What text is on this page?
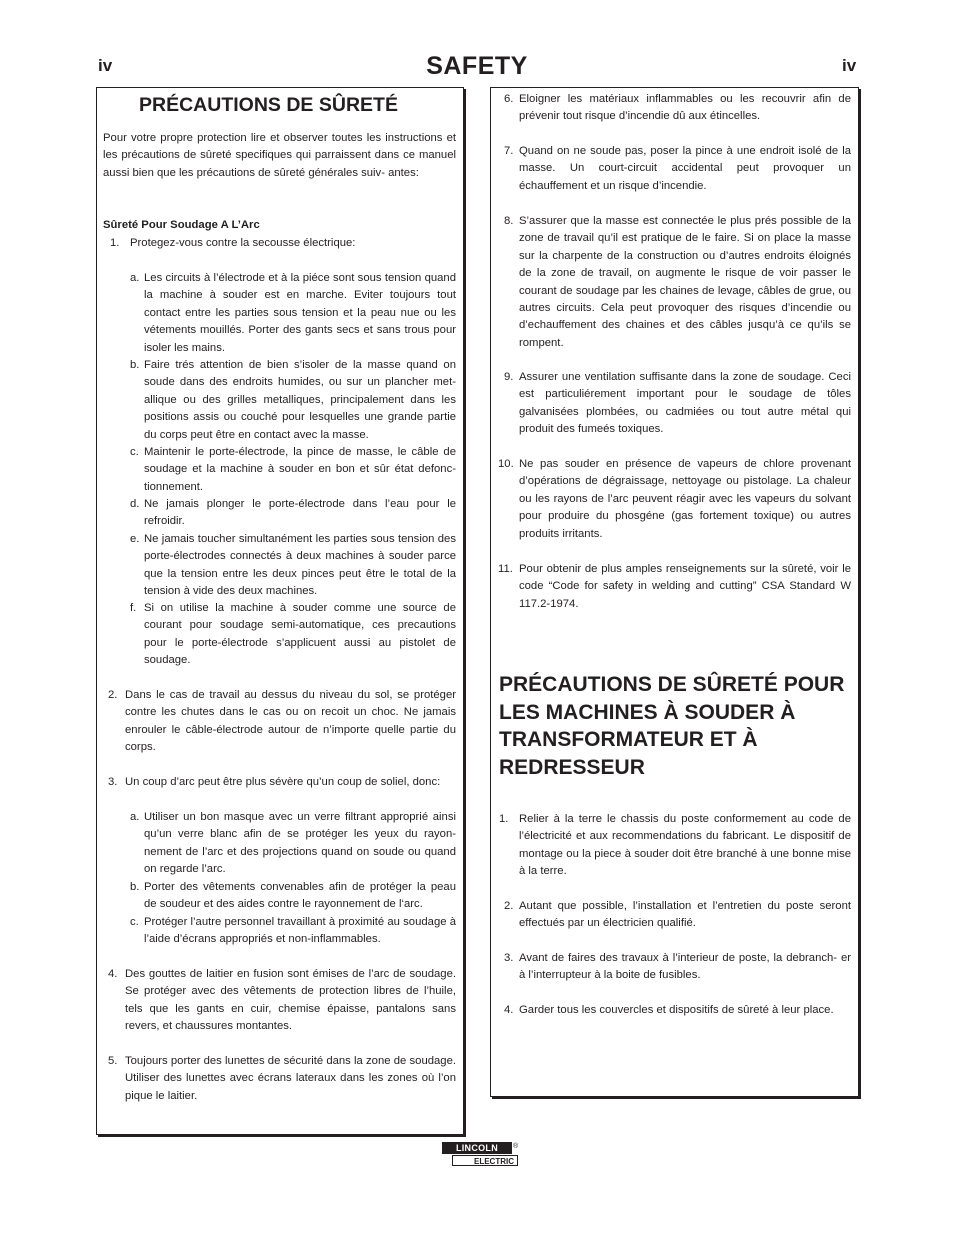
iv	SAFETY	iv
PRÉCAUTIONS DE SÛRETÉ
Pour votre propre protection lire et observer toutes les instructions et les précautions de sûreté specifiques qui parraissent dans ce manuel aussi bien que les précautions de sûreté générales suiv- antes:
Sûreté Pour Soudage A L’Arc
1. Protegez-vous contre la secousse électrique:
a. Les circuits à l’électrode et à la piéce sont sous tension quand la machine à souder est en marche. Eviter toujours tout contact entre les parties sous tension et la peau nue ou les vétements mouillés. Porter des gants secs et sans trous pour isoler les mains.
b. Faire trés attention de bien s’isoler de la masse quand on soude dans des endroits humides, ou sur un plancher met- allique ou des grilles metalliques, principalement dans les positions assis ou couché pour lesquelles une grande partie du corps peut être en contact avec la masse.
c. Maintenir le porte-électrode, la pince de masse, le câble de soudage et la machine à souder en bon et sûr état defonc- tionnement.
d. Ne jamais plonger le porte-électrode dans l’eau pour le refroidir.
e. Ne jamais toucher simultanément les parties sous tension des porte-électrodes connectés à deux machines à souder parce que la tension entre les deux pinces peut être le total de la tension à vide des deux machines.
f. Si on utilise la machine à souder comme une source de courant pour soudage semi-automatique, ces precautions pour le porte-électrode s’applicuent aussi au pistolet de soudage.
2. Dans le cas de travail au dessus du niveau du sol, se protéger contre les chutes dans le cas ou on recoit un choc. Ne jamais enrouler le câble-électrode autour de n’importe quelle partie du corps.
3. Un coup d’arc peut être plus sévère qu’un coup de soliel, donc:
a. Utiliser un bon masque avec un verre filtrant approprié ainsi qu’un verre blanc afin de se protéger les yeux du rayon- nement de l’arc et des projections quand on soude ou quand on regarde l’arc.
b. Porter des vêtements convenables afin de protéger la peau de soudeur et des aides contre le rayonnement de l‘arc.
c. Protéger l’autre personnel travaillant à proximité au soudage à l’aide d’écrans appropriés et non-inflammables.
4. Des gouttes de laitier en fusion sont émises de l’arc de soudage. Se protéger avec des vêtements de protection libres de l’huile, tels que les gants en cuir, chemise épaisse, pantalons sans revers, et chaussures montantes.
5. Toujours porter des lunettes de sécurité dans la zone de soudage. Utiliser des lunettes avec écrans lateraux dans les zones où l’on pique le laitier.
6. Eloigner les matériaux inflammables ou les recouvrir afin de prévenir tout risque d’incendie dû aux étincelles.
7. Quand on ne soude pas, poser la pince à une endroit isolé de la masse. Un court-circuit accidental peut provoquer un échauffement et un risque d’incendie.
8. S’assurer que la masse est connectée le plus prés possible de la zone de travail qu’il est pratique de le faire. Si on place la masse sur la charpente de la construction ou d’autres endroits éloignés de la zone de travail, on augmente le risque de voir passer le courant de soudage par les chaines de levage, câbles de grue, ou autres circuits. Cela peut provoquer des risques d’incendie ou d’echauffement des chaines et des câbles jusqu’à ce qu’ils se rompent.
9. Assurer une ventilation suffisante dans la zone de soudage. Ceci est particuliérement important pour le soudage de tôles galvanisées plombées, ou cadmiées ou tout autre métal qui produit des fumeés toxiques.
10. Ne pas souder en présence de vapeurs de chlore provenant d’opérations de dégraissage, nettoyage ou pistolage. La chaleur ou les rayons de l’arc peuvent réagir avec les vapeurs du solvant pour produire du phosgéne (gas fortement toxique) ou autres produits irritants.
11. Pour obtenir de plus amples renseignements sur la sûreté, voir le code “Code for safety in welding and cutting” CSA Standard W 117.2-1974.
PRÉCAUTIONS DE SÛRETÉ POUR LES MACHINES À SOUDER À TRANSFORMATEUR ET À REDRESSEUR
1. Relier à la terre le chassis du poste conformement au code de l’électricité et aux recommendations du fabricant. Le dispositif de montage ou la piece à souder doit être branché à une bonne mise à la terre.
2. Autant que possible, l’installation et l’entretien du poste seront effectués par un électricien qualifié.
3. Avant de faires des travaux à l’interieur de poste, la debranch- er à l’interrupteur à la boite de fusibles.
4. Garder tous les couvercles et dispositifs de sûreté à leur place.
LINCOLN	®
ELECTRIC
